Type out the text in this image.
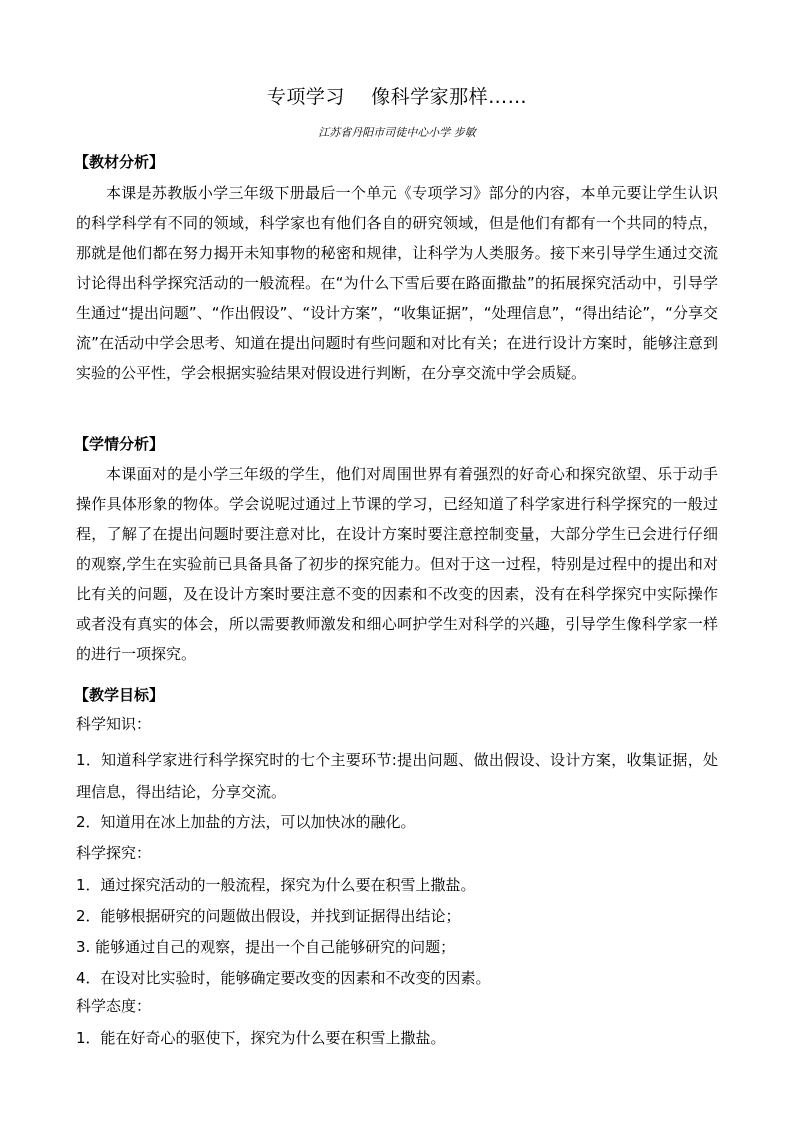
专项学习    像科学家那样……
江苏省丹阳市司徒中心小学 步敏
【教材分析】
本课是苏教版小学三年级下册最后一个单元《专项学习》部分的内容，本单元要让学生认识的科学科学有不同的领域，科学家也有他们各自的研究领域，但是他们有都有一个共同的特点，那就是他们都在努力揭开未知事物的秘密和规律，让科学为人类服务。接下来引导学生通过交流讨论得出科学探究活动的一般流程。在“为什么下雪后要在路面撒盐”的拓展探究活动中，引导学生通过“提出问题”、“作出假设”、“设计方案”，“收集证据”，“处理信息”，“得出结论”，“分享交流”在活动中学会思考、知道在提出问题时有些问题和对比有关；在进行设计方案时，能够注意到实验的公平性，学会根据实验结果对假设进行判断，在分享交流中学会质疑。
【学情分析】
本课面对的是小学三年级的学生，他们对周围世界有着强烈的好奇心和探究欲望、乐于动手操作具体形象的物体。学会说呢过通过上节课的学习，已经知道了科学家进行科学探究的一般过程，了解了在提出问题时要注意对比，在设计方案时要注意控制变量，大部分学生已会进行仔细的观察,学生在实验前已具备具备了初步的探究能力。但对于这一过程，特别是过程中的提出和对比有关的问题，及在设计方案时要注意不变的因素和不改变的因素，没有在科学探究中实际操作或者没有真实的体会，所以需要教师激发和细心呵护学生对科学的兴趣，引导学生像科学家一样的进行一项探究。
【教学目标】
科学知识：
1．知道科学家进行科学探究时的七个主要环节:提出问题、做出假设、设计方案，收集证据，处理信息，得出结论，分享交流。
2．知道用在冰上加盐的方法，可以加快冰的融化。
科学探究：
1．通过探究活动的一般流程，探究为什么要在积雪上撒盐。
2．能够根据研究的问题做出假设，并找到证据得出结论；
3. 能够通过自己的观察，提出一个自己能够研究的问题；
4．在设对比实验时，能够确定要改变的因素和不改变的因素。
科学态度：
1．能在好奇心的驱使下，探究为什么要在积雪上撒盐。
